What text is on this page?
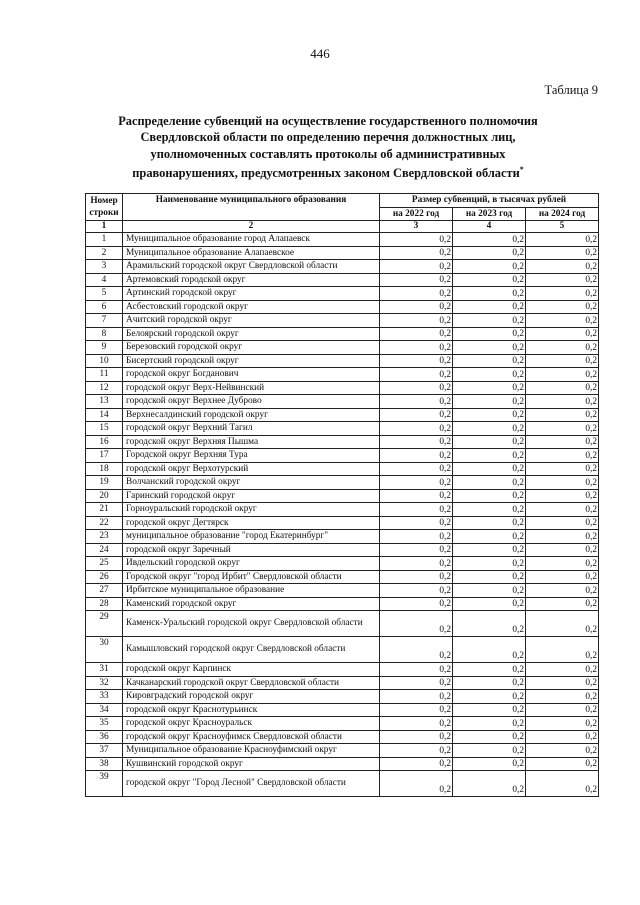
446
Таблица 9
Распределение субвенций на осуществление государственного полномочия
Свердловской области по определению перечня должностных лиц,
уполномоченных составлять протоколы об административных
правонарушениях, предусмотренных законом Свердловской области*
Номер строки	Наименование муниципального образования	Размер субвенций, в тысячах рублей		
		на 2022 год	на 2023 год	на 2024 год
1	2	3	4	5
1	Муниципальное образование город Алапаевск	0,2	0,2	0,2
2	Муниципальное образование Алапаевское	0,2	0,2	0,2
3	Арамильский городской округ Свердловской области	0,2	0,2	0,2
4	Артемовский городской округ	0,2	0,2	0,2
5	Артинский городской округ	0,2	0,2	0,2
6	Асбестовский городской округ	0,2	0,2	0,2
7	Ачитский городской округ	0,2	0,2	0,2
8	Белоярский городской округ	0,2	0,2	0,2
9	Березовский городской округ	0,2	0,2	0,2
10	Бисертский городской округ	0,2	0,2	0,2
11	городской округ Богданович	0,2	0,2	0,2
12	городской округ Верх-Нейвинский	0,2	0,2	0,2
13	городской округ Верхнее Дуброво	0,2	0,2	0,2
14	Верхнесалдинский городской округ	0,2	0,2	0,2
15	городской округ Верхний Тагил	0,2	0,2	0,2
16	городской округ Верхняя Пышма	0,2	0,2	0,2
17	Городской округ Верхняя Тура	0,2	0,2	0,2
18	городской округ Верхотурский	0,2	0,2	0,2
19	Волчанский городской округ	0,2	0,2	0,2
20	Гаринский городской округ	0,2	0,2	0,2
21	Горноуральский городской округ	0,2	0,2	0,2
22	городской округ Дегтярск	0,2	0,2	0,2
23	муниципальное образование "город Екатеринбург"	0,2	0,2	0,2
24	городской округ Заречный	0,2	0,2	0,2
25	Ивдельский городской округ	0,2	0,2	0,2
26	Городской округ "город Ирбит" Свердловской области	0,2	0,2	0,2
27	Ирбитское муниципальное образование	0,2	0,2	0,2
28	Каменский городской округ	0,2	0,2	0,2
29	Каменск-Уральский городской округ Свердловской области	0,2	0,2	0,2
30	Камышловский городской округ Свердловской области	0,2	0,2	0,2
31	городской округ Карпинск	0,2	0,2	0,2
32	Качканарский городской округ Свердловской области	0,2	0,2	0,2
33	Кировградский городской округ	0,2	0,2	0,2
34	городской округ Краснотурьинск	0,2	0,2	0,2
35	городской округ Красноуральск	0,2	0,2	0,2
36	городской округ Красноуфимск Свердловской области	0,2	0,2	0,2
37	Муниципальное образование Красноуфимский округ	0,2	0,2	0,2
38	Кушвинский городской округ	0,2	0,2	0,2
39	городской округ "Город Лесной" Свердловской области	0,2	0,2	0,2
